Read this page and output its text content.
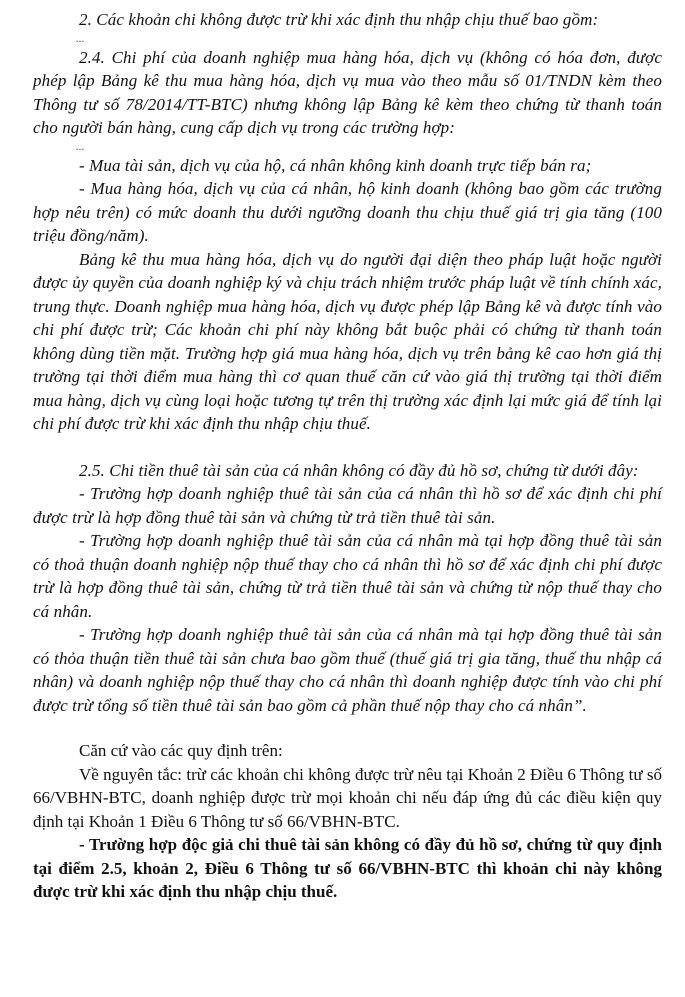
2. Các khoản chi không được trừ khi xác định thu nhập chịu thuế bao gồm:

...

2.4. Chi phí của doanh nghiệp mua hàng hóa, dịch vụ (không có hóa đơn, được phép lập Bảng kê thu mua hàng hóa, dịch vụ mua vào theo mẫu số 01/TNDN kèm theo Thông tư số 78/2014/TT-BTC) nhưng không lập Bảng kê kèm theo chứng từ thanh toán cho người bán hàng, cung cấp dịch vụ trong các trường hợp:

...

- Mua tài sản, dịch vụ của hộ, cá nhân không kinh doanh trực tiếp bán ra;

- Mua hàng hóa, dịch vụ của cá nhân, hộ kinh doanh (không bao gồm các trường hợp nêu trên) có mức doanh thu dưới ngưỡng doanh thu chịu thuế giá trị gia tăng (100 triệu đồng/năm).

Bảng kê thu mua hàng hóa, dịch vụ do người đại diện theo pháp luật hoặc người được ủy quyền của doanh nghiệp ký và chịu trách nhiệm trước pháp luật về tính chính xác, trung thực. Doanh nghiệp mua hàng hóa, dịch vụ được phép lập Bảng kê và được tính vào chi phí được trừ; Các khoản chi phí này không bắt buộc phải có chứng từ thanh toán không dùng tiền mặt. Trường hợp giá mua hàng hóa, dịch vụ trên bảng kê cao hơn giá thị trường tại thời điểm mua hàng thì cơ quan thuế căn cứ vào giá thị trường tại thời điểm mua hàng, dịch vụ cùng loại hoặc tương tự trên thị trường xác định lại mức giá để tính lại chi phí được trừ khi xác định thu nhập chịu thuế.

2.5. Chi tiền thuê tài sản của cá nhân không có đầy đủ hồ sơ, chứng từ dưới đây:

- Trường hợp doanh nghiệp thuê tài sản của cá nhân thì hồ sơ để xác định chi phí được trừ là hợp đồng thuê tài sản và chứng từ trả tiền thuê tài sản.

- Trường hợp doanh nghiệp thuê tài sản của cá nhân mà tại hợp đồng thuê tài sản có thoả thuận doanh nghiệp nộp thuế thay cho cá nhân thì hồ sơ để xác định chi phí được trừ là hợp đồng thuê tài sản, chứng từ trả tiền thuê tài sản và chứng từ nộp thuế thay cho cá nhân.

- Trường hợp doanh nghiệp thuê tài sản của cá nhân mà tại hợp đồng thuê tài sản có thỏa thuận tiền thuê tài sản chưa bao gồm thuế (thuế giá trị gia tăng, thuế thu nhập cá nhân) và doanh nghiệp nộp thuế thay cho cá nhân thì doanh nghiệp được tính vào chi phí được trừ tổng số tiền thuê tài sản bao gồm cả phần thuế nộp thay cho cá nhân”.

Căn cứ vào các quy định trên:

Về nguyên tắc: trừ các khoản chi không được trừ nêu tại Khoản 2 Điều 6 Thông tư số 66/VBHN-BTC, doanh nghiệp được trừ mọi khoản chi nếu đáp ứng đủ các điều kiện quy định tại Khoản 1 Điều 6 Thông tư số 66/VBHN-BTC.

- Trường hợp độc giả chi thuê tài sản không có đầy đủ hồ sơ, chứng từ quy định tại điểm 2.5, khoản 2, Điều 6 Thông tư số 66/VBHN-BTC thì khoản chi này không được trừ khi xác định thu nhập chịu thuế.
